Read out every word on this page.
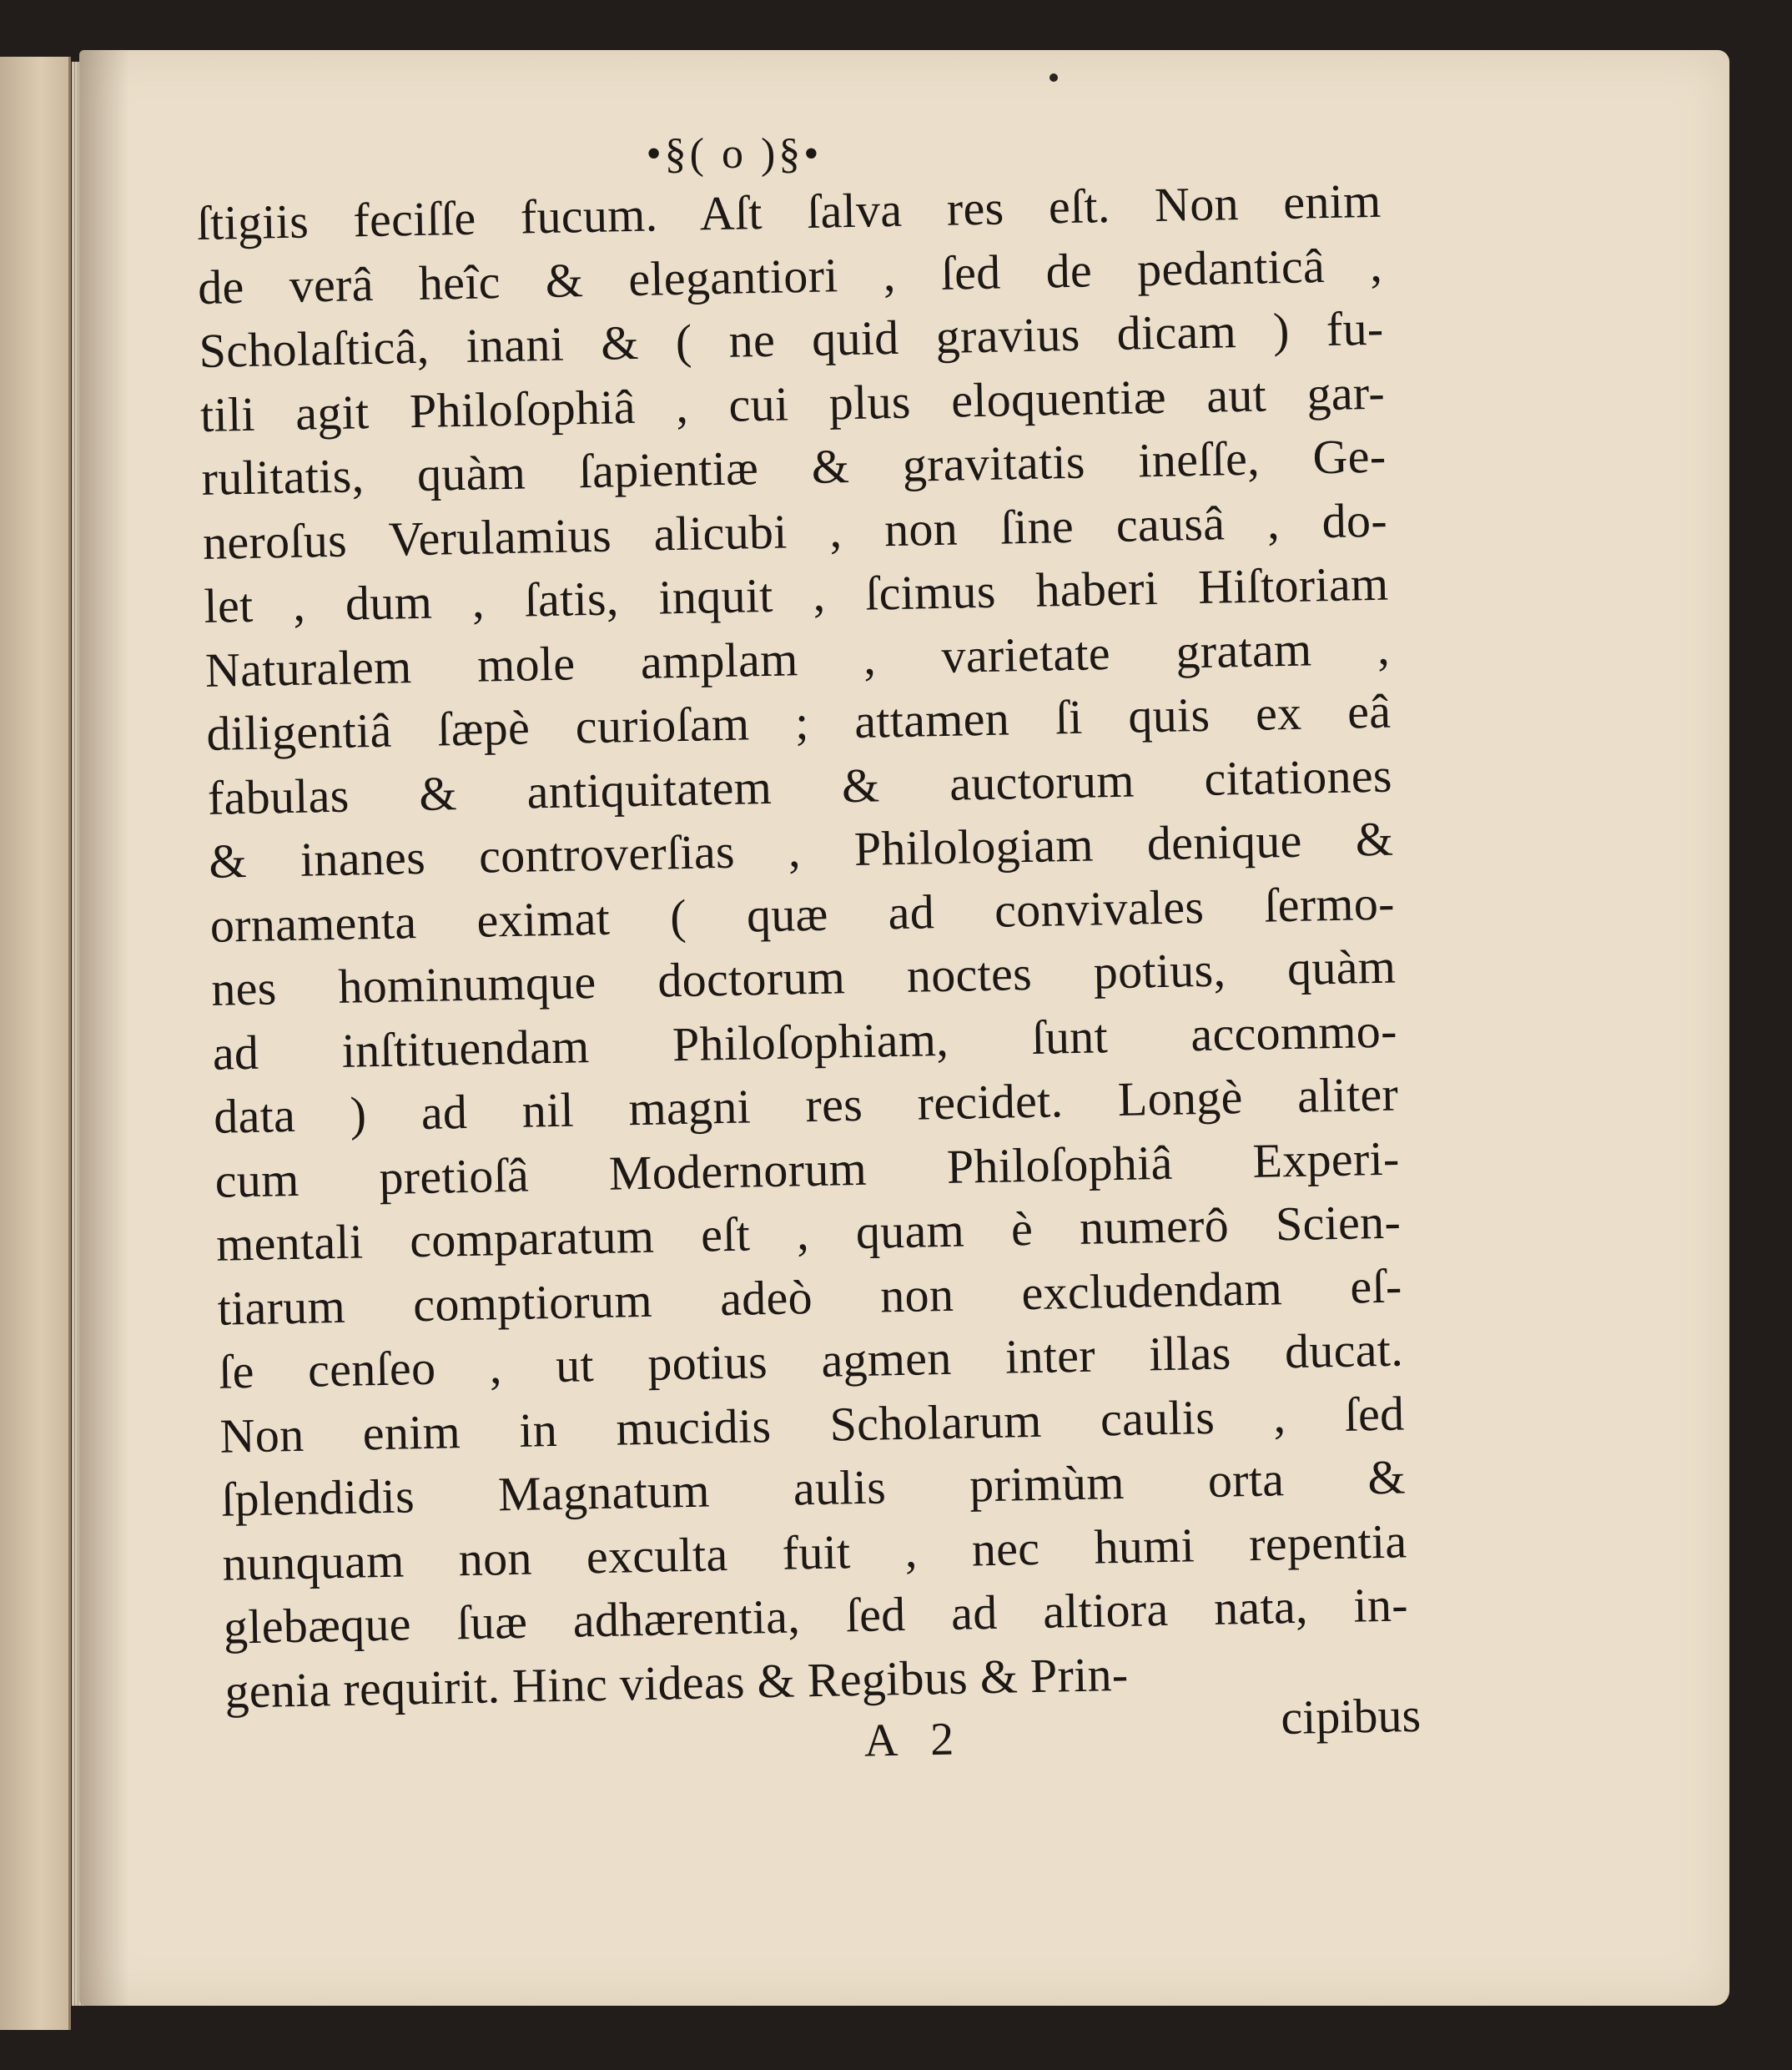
•§( o )§•
ſtigiis feciſſe fucum. Aſt ſalva res eſt. Non enim
de verâ heîc & elegantiori , ſed de pedanticâ ,
Scholaſticâ, inani & ( ne quid gravius dicam ) fu-
tili agit Philoſophiâ , cui plus eloquentiæ aut gar-
rulitatis, quàm ſapientiæ & gravitatis ineſſe, Ge-
neroſus Verulamius alicubi , non ſine causâ , do-
let , dum , ſatis, inquit , ſcimus haberi Hiſtoriam
Naturalem mole amplam , varietate gratam ,
diligentiâ ſæpè curioſam ; attamen ſi quis ex eâ
fabulas & antiquitatem & auctorum citationes
& inanes controverſias , Philologiam denique &
ornamenta eximat ( quæ ad convivales ſermo-
nes hominumque doctorum noctes potius, quàm
ad inſtituendam Philoſophiam, ſunt accommo-
data ) ad nil magni res recidet. Longè aliter
cum pretioſâ Modernorum Philoſophiâ Experi-
mentali comparatum eſt , quam è numerô Scien-
tiarum comptiorum adeò non excludendam eſ-
ſe cenſeo , ut potius agmen inter illas ducat.
Non enim in mucidis Scholarum caulis , ſed
ſplendidis Magnatum aulis primùm orta &
nunquam non exculta fuit , nec humi repentia
glebæque ſuæ adhærentia, ſed ad altiora nata, in-
genia requirit. Hinc videas & Regibus & Prin-
A 2	cipibus
